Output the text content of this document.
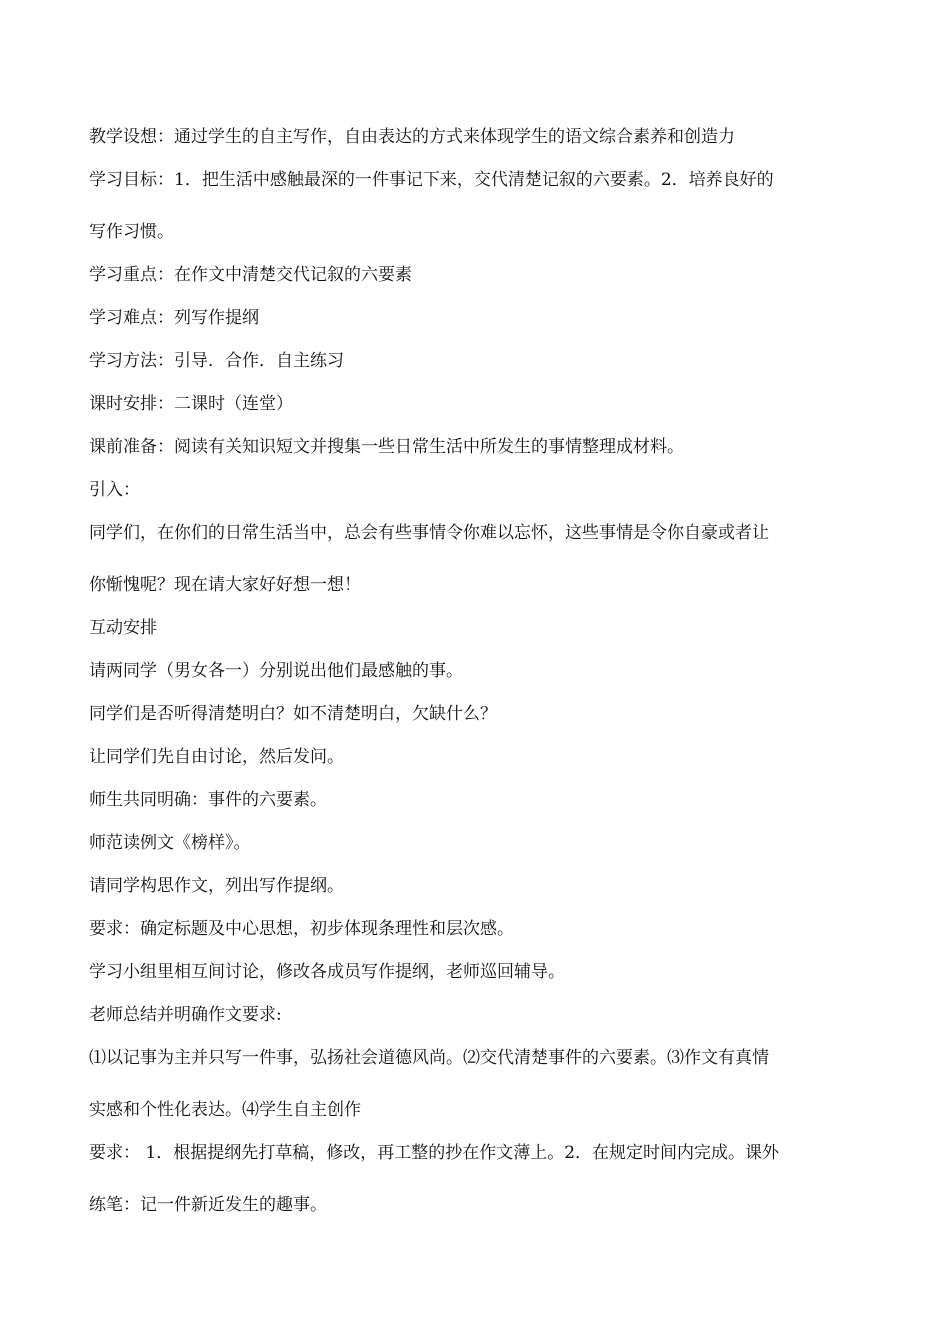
教学设想：通过学生的自主写作，自由表达的方式来体现学生的语文综合素养和创造力
学习目标：1．把生活中感触最深的一件事记下来，交代清楚记叙的六要素。2．培养良好的
写作习惯。
学习重点：在作文中清楚交代记叙的六要素
学习难点：列写作提纲
学习方法：引导．合作．自主练习
课时安排：二课时（连堂）
课前准备：阅读有关知识短文并搜集一些日常生活中所发生的事情整理成材料。
引入：
同学们，在你们的日常生活当中，总会有些事情令你难以忘怀，这些事情是令你自豪或者让
你惭愧呢？现在请大家好好想一想！
互动安排
请两同学（男女各一）分别说出他们最感触的事。
同学们是否听得清楚明白？如不清楚明白，欠缺什么？
让同学们先自由讨论，然后发问。
师生共同明确：事件的六要素。
师范读例文《榜样》。
请同学构思作文，列出写作提纲。
要求：确定标题及中心思想，初步体现条理性和层次感。
学习小组里相互间讨论，修改各成员写作提纲，老师巡回辅导。
老师总结并明确作文要求:
⑴以记事为主并只写一件事，弘扬社会道德风尚。⑵交代清楚事件的六要素。⑶作文有真情
实感和个性化表达。⑷学生自主创作
要求： 1．根据提纲先打草稿，修改，再工整的抄在作文薄上。2．在规定时间内完成。课外
练笔：记一件新近发生的趣事。
